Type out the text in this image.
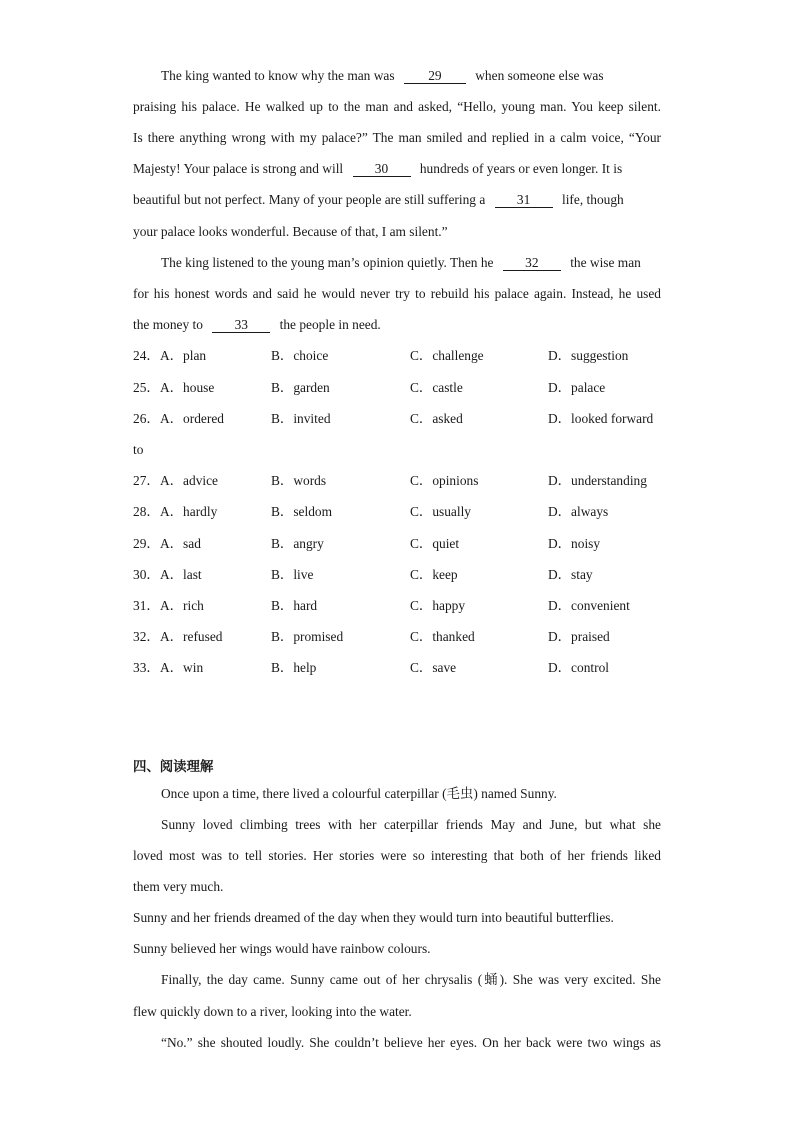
The king wanted to know why the man was	29	when someone else was
praising his palace. He walked up to the man and asked, “Hello, young man. You keep silent.
Is there anything wrong with my palace?” The man smiled and replied in a calm voice, “Your
Majesty! Your palace is strong and will 30 hundreds of years or even longer. It is
beautiful but not perfect. Many of your people are still suffering a 31 life, though
your palace looks wonderful. Because of that, I am silent.”
The king listened to the young man’s opinion quietly. Then he 32 the wise man
for his honest words and said he would never try to rebuild his palace again. Instead, he used
the money to 33 the people in need.
24． A．plan	B．choice	C．challenge	D．suggestion
25． A．house	B．garden	C．castle	D．palace
26． A．ordered	B．invited	C．asked	D．looked forward
to
27． A．advice	B．words	C．opinions	D．understanding
28． A．hardly	B．seldom	C．usually	D．always
29． A．sad	B．angry	C．quiet	D．noisy
30． A．last	B．live	C．keep	D．stay
31． A．rich	B．hard	C．happy	D．convenient
32． A．refused	B．promised	C．thanked	D．praised
33． A．win	B．help	C．save	D．control
四、阅读理解
Once upon a time, there lived a colourful caterpillar (毛虫) named Sunny.
Sunny loved climbing trees with her caterpillar friends May and June, but what she
loved most was to tell stories. Her stories were so interesting that both of her friends liked
them very much.
Sunny and her friends dreamed of the day when they would turn into beautiful butterflies.
Sunny believed her wings would have rainbow colours.
Finally, the day came. Sunny came out of her chrysalis (蛹). She was very excited. She
flew quickly down to a river, looking into the water.
“No.” she shouted loudly. She couldn’t believe her eyes. On her back were two wings as
